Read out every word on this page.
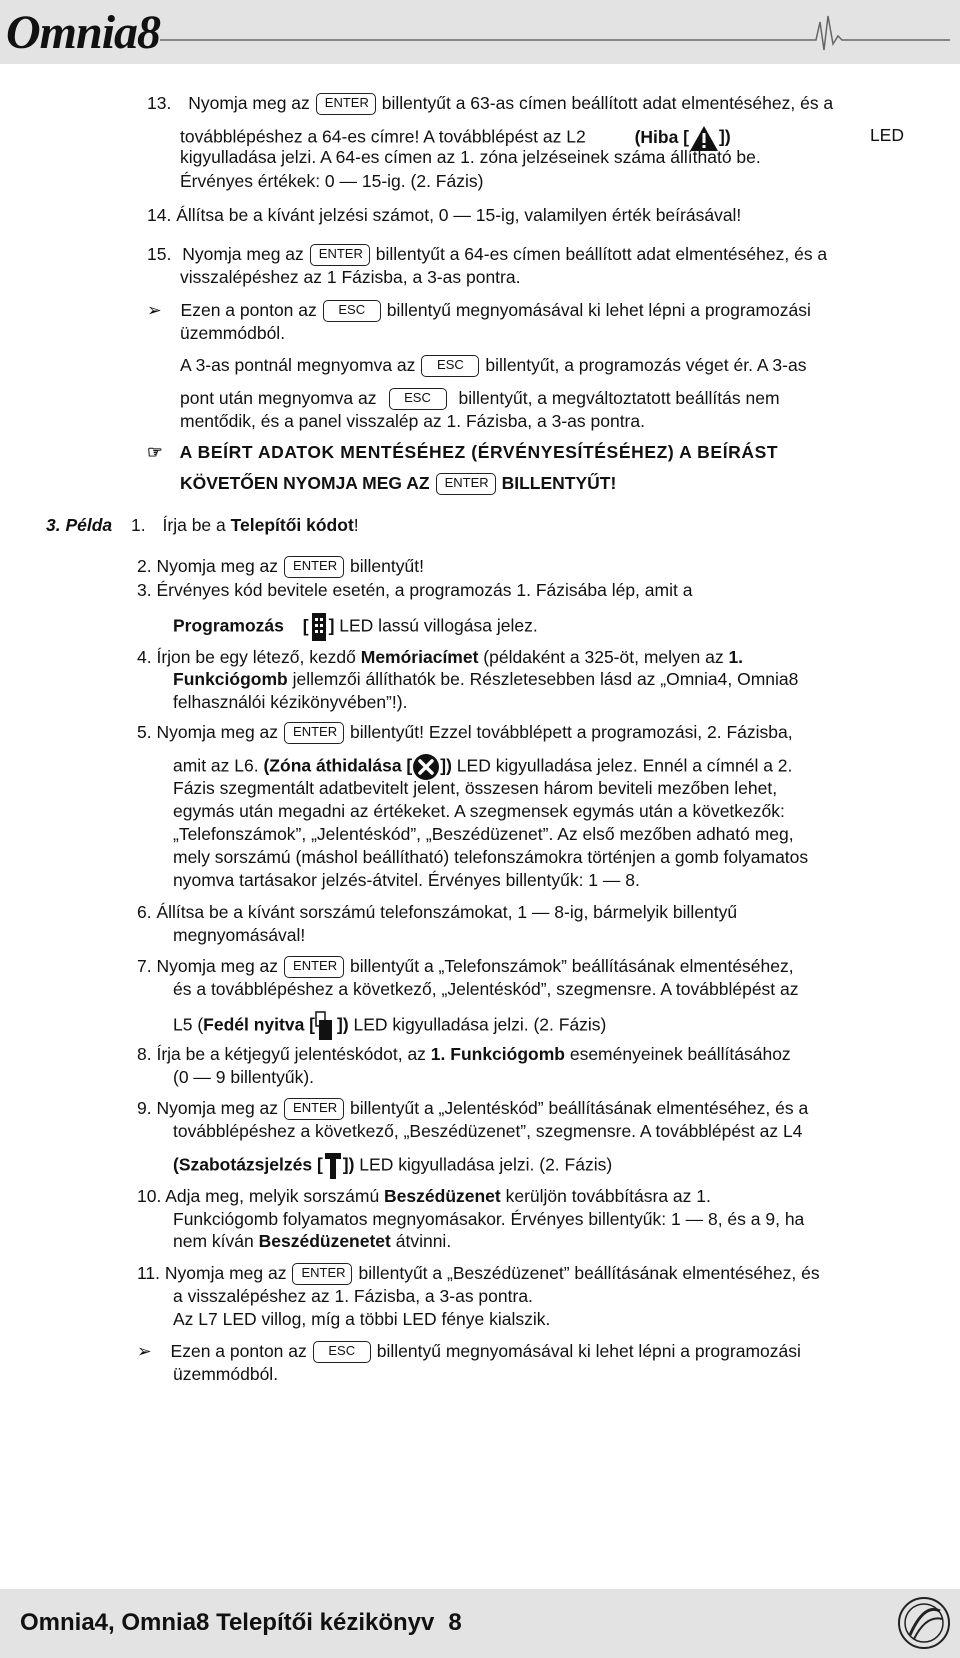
Omnia8
13. Nyomja meg az ENTER billentyűt a 63-as címen beállított adat elmentéséhez, és a
továbblépéshez a 64-es címre! A továbblépést az L2	(Hiba [ ])	LED
kigyulladása jelzi. A 64-es címen az 1. zóna jelzéseinek száma állítható be.
Érvényes értékek: 0 — 15-ig. (2. Fázis)
14. Állítsa be a kívánt jelzési számot, 0 — 15-ig, valamilyen érték beírásával!
15. Nyomja meg az ENTER billentyűt a 64-es címen beállított adat elmentéséhez, és a
visszalépéshez az 1 Fázisba, a 3-as pontra.
➢ Ezen a ponton az ESC billentyű megnyomásával ki lehet lépni a programozási
üzemmódból.
A 3-as pontnál megnyomva az ESC billentyűt, a programozás véget ér. A 3-as
pont után megnyomva az ESC billentyűt, a megváltoztatott beállítás nem
mentődik, és a panel visszalép az 1. Fázisba, a 3-as pontra.
☞ A BEÍRT ADATOK MENTÉSÉHEZ (ÉRVÉNYESÍTÉSÉHEZ) A BEÍRÁST
KÖVETŐEN NYOMJA MEG AZ ENTER BILLENTYŰT!
3. Példa 1. Írja be a Telepítői kódot!
2. Nyomja meg az ENTER billentyűt!
3. Érvényes kód bevitele esetén, a programozás 1. Fázisába lép, amit a
Programozás [ ] LED lassú villogása jelez.
4. Írjon be egy létező, kezdő Memóriacímet (példaként a 325-öt, melyen az 1.
Funkciógomb jellemzői állíthatók be. Részletesebben lásd az „Omnia4, Omnia8
felhasználói kézikönyvében”!).
5. Nyomja meg az ENTER billentyűt! Ezzel továbblépett a programozási, 2. Fázisba,
amit az L6. (Zóna áthidalása [ ]) LED kigyulladása jelez. Ennél a címnél a 2.
Fázis szegmentált adatbevitelt jelent, összesen három beviteli mezőben lehet,
egymás után megadni az értékeket. A szegmensek egymás után a következők:
„Telefonszámok”, „Jelentéskód”, „Beszédüzenet”. Az első mezőben adható meg,
mely sorszámú (máshol beállítható) telefonszámokra történjen a gomb folyamatos
nyomva tartásakor jelzés-átvitel. Érvényes billentyűk: 1 — 8.
6. Állítsa be a kívánt sorszámú telefonszámokat, 1 — 8-ig, bármelyik billentyű
megnyomásával!
7. Nyomja meg az ENTER billentyűt a „Telefonszámok” beállításának elmentéséhez,
és a továbblépéshez a következő, „Jelentéskód”, szegmensre. A továbblépést az
L5 (Fedél nyitva [ ]) LED kigyulladása jelzi. (2. Fázis)
8. Írja be a kétjegyű jelentéskódot, az 1. Funkciógomb eseményeinek beállításához
(0 — 9 billentyűk).
9. Nyomja meg az ENTER billentyűt a „Jelentéskód” beállításának elmentéséhez, és a
továbblépéshez a következő, „Beszédüzenet”, szegmensre. A továbblépést az L4
(Szabotázsjelzés [ ]) LED kigyulladása jelzi. (2. Fázis)
10. Adja meg, melyik sorszámú Beszédüzenet kerüljön továbbításra az 1.
Funkciógomb folyamatos megnyomásakor. Érvényes billentyűk: 1 — 8, és a 9, ha
nem kíván Beszédüzenetet átvinni.
11. Nyomja meg az ENTER billentyűt a „Beszédüzenet” beállításának elmentéséhez, és
a visszalépéshez az 1. Fázisba, a 3-as pontra.
Az L7 LED villog, míg a többi LED fénye kialszik.
➢ Ezen a ponton az ESC billentyű megnyomásával ki lehet lépni a programozási
üzemmódból.
Omnia4, Omnia8 Telepítői kézikönyv 8
